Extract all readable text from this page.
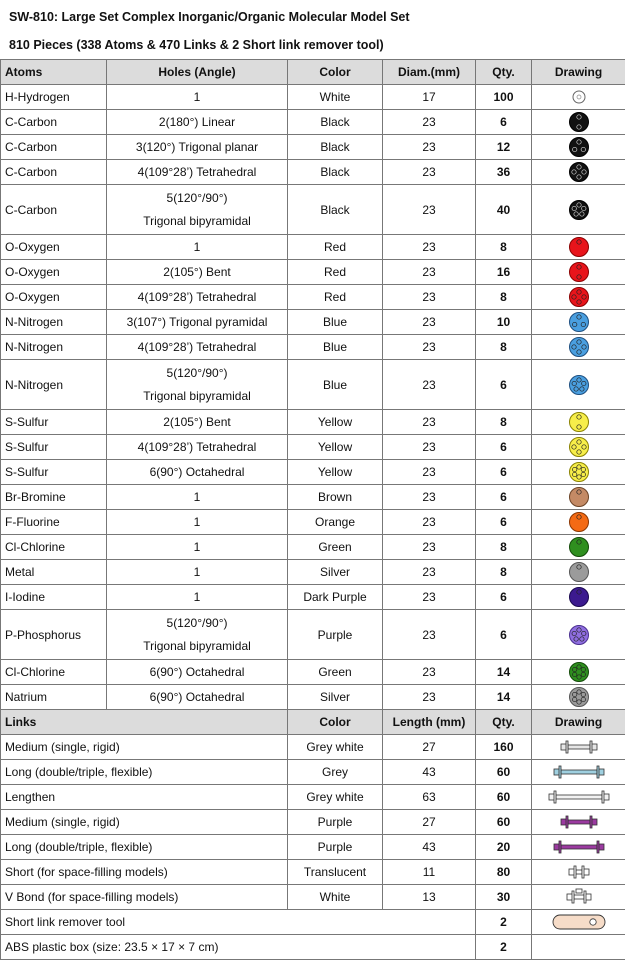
SW-810: Large Set Complex Inorganic/Organic Molecular Model Set
810 Pieces (338 Atoms & 470 Links & 2 Short link remover tool)
Atoms	Holes (Angle)	Color	Diam.(mm)	Qty.	Drawing
H-Hydrogen	1	White	17	100	

C-Carbon	2(180°) Linear	Black	23	6	

C-Carbon	3(120°) Trigonal planar	Black	23	12	

C-Carbon	4(109°28’) Tetrahedral	Black	23	36	

C-Carbon	5(120°/90°)
Trigonal bipyramidal	Black	23	40	

O-Oxygen	1	Red	23	8	

O-Oxygen	2(105°) Bent	Red	23	16	

O-Oxygen	4(109°28’) Tetrahedral	Red	23	8	

N-Nitrogen	3(107°) Trigonal pyramidal	Blue	23	10	

N-Nitrogen	4(109°28’) Tetrahedral	Blue	23	8	

N-Nitrogen	5(120°/90°)
Trigonal bipyramidal	Blue	23	6	

S-Sulfur	2(105°) Bent	Yellow	23	8	

S-Sulfur	4(109°28’) Tetrahedral	Yellow	23	6	

S-Sulfur	6(90°) Octahedral	Yellow	23	6	

Br-Bromine	1	Brown	23	6	

F-Fluorine	1	Orange	23	6	

Cl-Chlorine	1	Green	23	8	

Metal	1	Silver	23	8	

I-Iodine	1	Dark Purple	23	6	

P-Phosphorus	5(120°/90°)
Trigonal bipyramidal	Purple	23	6	

Cl-Chlorine	6(90°) Octahedral	Green	23	14	

Natrium	6(90°) Octahedral	Silver	23	14	

Links		Color	Length (mm)	Qty.	Drawing
Medium (single, rigid)		Grey white	27	160	

Long (double/triple, flexible)		Grey	43	60	

Lengthen		Grey white	63	60	

Medium (single, rigid)		Purple	27	60	

Long (double/triple, flexible)		Purple	43	20	

Short (for space-filling models)		Translucent	11	80	

V Bond (for space-filling models)		White	13	30	

Short link remover tool				2	

ABS plastic box (size: 23.5 × 17 × 7 cm)				2	
